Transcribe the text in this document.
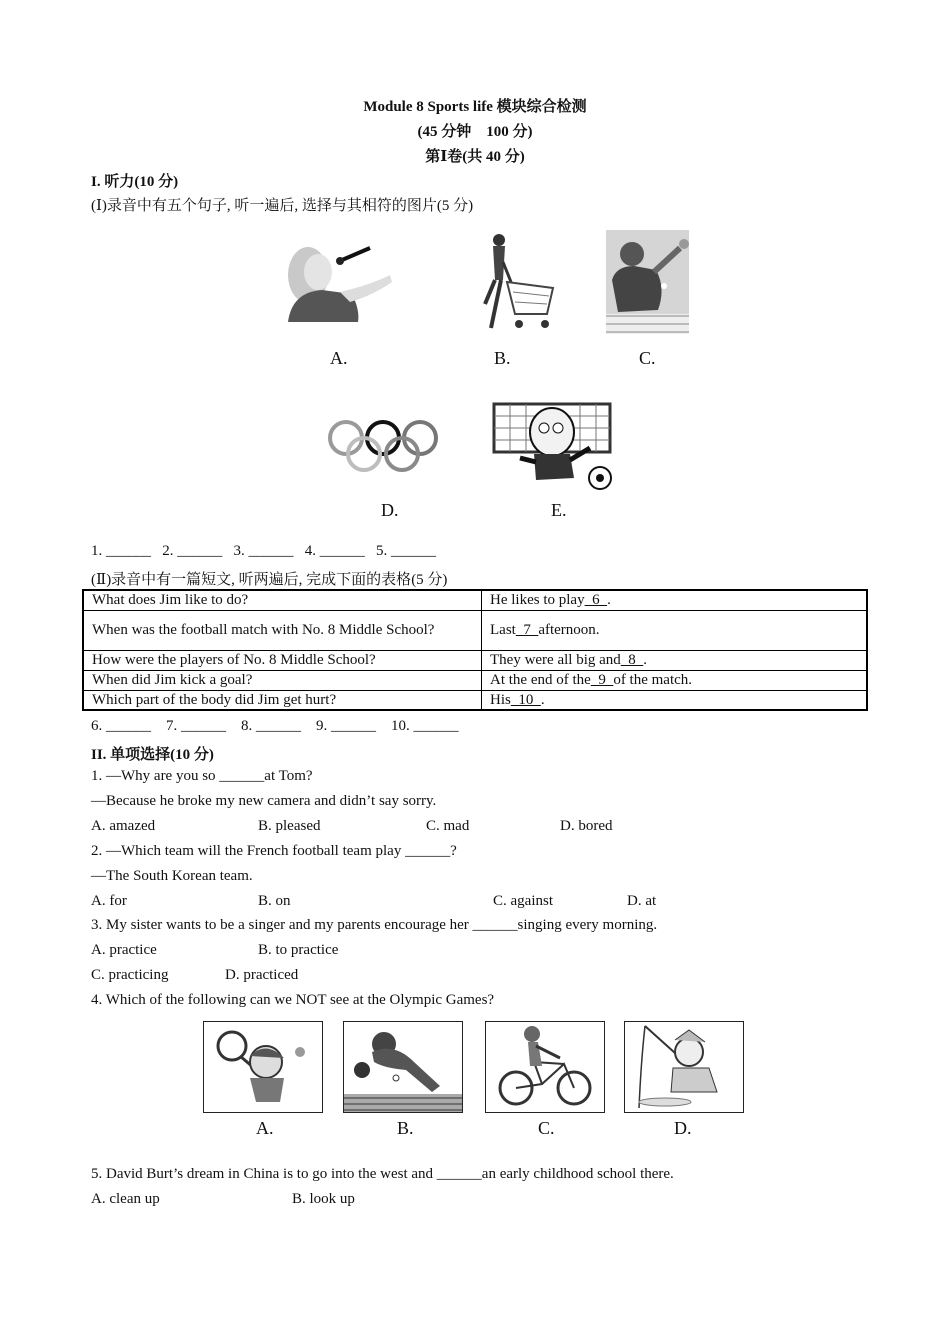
Module 8 Sports life 模块综合检测
(45 分钟　100 分)
第Ⅰ卷(共 40 分)
I. 听力(10 分)
(Ⅰ)录音中有五个句子, 听一遍后, 选择与其相符的图片(5 分)
A.	B.	C.
D.	E.
1. ______   2. ______   3. ______   4. ______   5. ______
(Ⅱ)录音中有一篇短文, 听两遍后, 完成下面的表格(5 分)
What does Jim like to do?	He likes to play  6  .
When was the football match with No. 8 Middle School?	Last  7  afternoon.
How were the players of No. 8 Middle School?	They were all big and  8  .
When did Jim kick a goal?	At the end of the  9  of the match.
Which part of the body did Jim get hurt?	His  10  .
6. ______    7. ______    8. ______    9. ______    10. ______
II. 单项选择(10 分)
1. —Why are you so ______at Tom?
—Because he broke my new camera and didn’t say sorry.
A. amazed	B. pleased	C. mad	D. bored
2. —Which team will the French football team play ______?
—The South Korean team.
A. for	B. on	C. against	D. at
3. My sister wants to be a singer and my parents encourage her ______singing every morning.
A. practice	B. to practice
C. practicing	D. practiced
4. Which of the following can we NOT see at the Olympic Games?
A.	B.	C.	D.
5. David Burt’s dream in China is to go into the west and ______an early childhood school there.
A. clean up	B. look up
